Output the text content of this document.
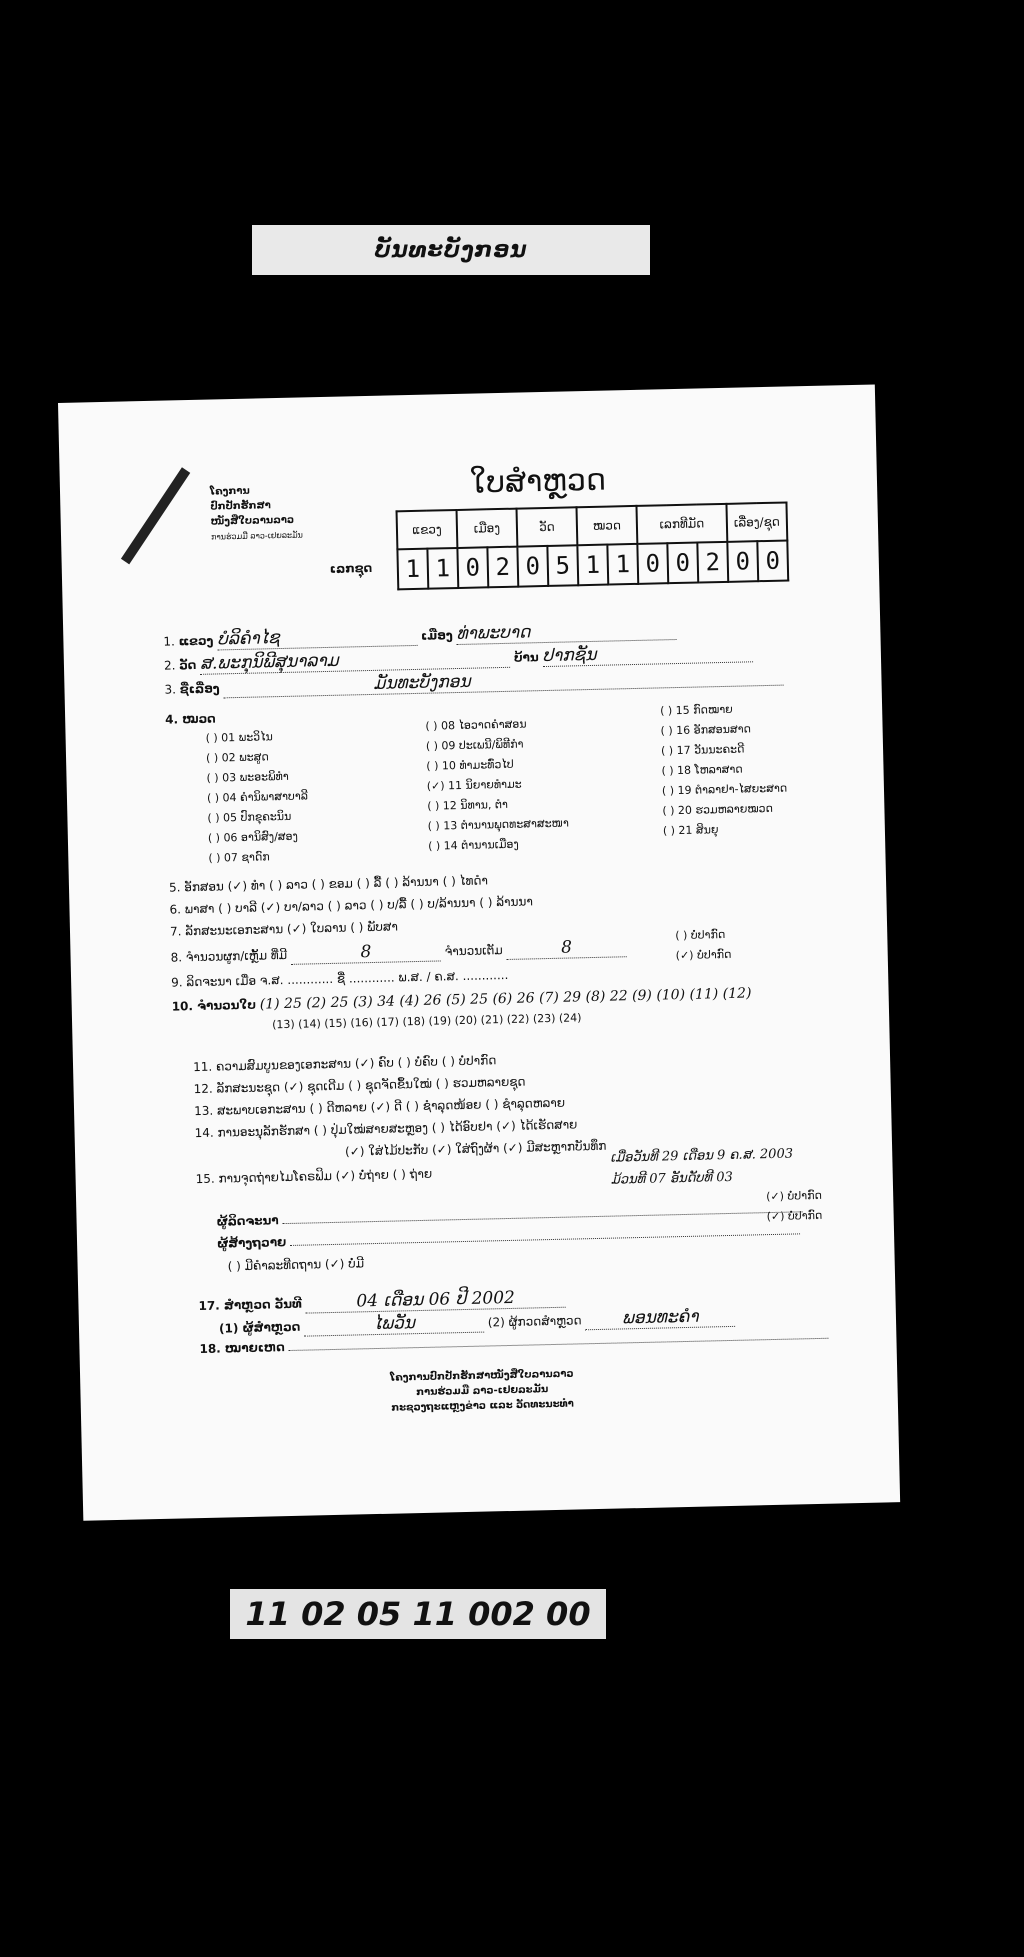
ບັນທະບັງກອນ
ໂຄງການ
ປົກປັກຮັກສາ
ໜັງສືໃບລານລາວ
ການຮ່ວມມື ລາວ-ເຢຍລະມັນ
ໃບສຳຫຼວດ
ເລກຊຸດ
ແຂວງ		ເມືອງ		ວັດ		ໝວດ		ເລກທີມັດ			ເລື່ອງ/ຊຸດ	
1	1	0	2	0	5	1	1	0	0	2	0	0
1. ແຂວງ ບໍລິຄໍາໄຊ	ເມືອງ ທ່າພະບາດ
2. ວັດ ສ.ພະກຸນິພີສຸນາລາມ	ບ້ານ ປາກຊັນ
3. ຊື່ເລື່ອງ	ມັນທະບັງກອນ
4. ໝວດ
( ) 01 ພະວິໄນ
( ) 02 ພະສູດ
( ) 03 ພະອະພິທຳ
( ) 04 ຄຳນິພາສາບາລີ
( ) 05 ປົກຂຸຄະນິນ
( ) 06 ອານິສົງ/ສອງ
( ) 07 ຊາດົກ
( ) 08 ໄອວາດຄຳສອນ
( ) 09 ປະເພນີ/ພິທີກຳ
( ) 10 ທຳມະທົ່ວໄປ
(✓) 11 ນິຍາຍທຳມະ
( ) 12 ນິທານ, ຕຳ
( ) 13 ຕຳນານພຸດທະສາສະໜາ
( ) 14 ຕຳນານເມືອງ
( ) 15 ກົດໝາຍ
( ) 16 ອັກສອນສາດ
( ) 17 ວັນນະຄະດີ
( ) 18 ໂຫລາສາດ
( ) 19 ຕຳລາຢາ-ໄສຍະສາດ
( ) 20 ຮວມຫລາຍໝວດ
( ) 21 ສິນຍຸ
5. ອັກສອນ (✓) ທຳ ( ) ລາວ ( ) ຂອມ ( ) ລື້ ( ) ລ້ານນາ ( ) ໄທດຳ
6. ພາສາ ( ) ບາລີ (✓) ບາ/ລາວ ( ) ລາວ ( ) ບ/ລື້ ( ) ບ/ລ້ານນາ ( ) ລ້ານນາ
7. ລັກສະນະເອກະສານ (✓) ໃບລານ ( ) ພັບສາ
8. ຈຳນວນຜູກ/ເຫຼັ້ມ ທີ່ມີ	8	ຈຳນວນເຕັມ	8
( ) ບໍ່ປາກົດ
(✓) ບໍ່ປາກົດ
9. ລິດຈະນາ ເມື່ອ ຈ.ສ. ............ ຊື່ ............ ພ.ສ. / ຄ.ສ. ............
10. ຈຳນວນໃບ (1) 25 (2) 25 (3) 34 (4) 26 (5) 25 (6) 26 (7) 29 (8) 22 (9) (10) (11) (12)
(13) (14) (15) (16) (17) (18) (19) (20) (21) (22) (23) (24)
11. ຄວາມສົມບູນຂອງເອກະສານ (✓) ຄົບ ( ) ບໍ່ຄົບ ( ) ບໍ່ປາກົດ
12. ລັກສະນະຊຸດ (✓) ຊຸດເດີມ ( ) ຊຸດຈັດຂຶ້ນໃໝ່ ( ) ຮວມຫລາຍຊຸດ
13. ສະພາບເອກະສານ ( ) ດີຫລາຍ (✓) ດີ ( ) ຊຳລຸດໜ້ອຍ ( ) ຊຳລຸດຫລາຍ
14. ການອະນຸລັກຮັກສາ ( ) ປຸ່ມໃໝ່ສາຍສະຫຼອງ ( ) ໄດ້ອົບຢາ (✓) ໄດ້ເຮັດສາຍ
(✓) ໃສ່ໄມ້ປະກັບ (✓) ໃສ່ຖົງຜ້າ (✓) ມີສະຫຼາກບັນທຶກ
15. ການຈຸດຖ່າຍໄມໂຄຣຟິມ (✓) ບໍ່ຖ່າຍ ( ) ຖ່າຍ
ເມື່ອວັນທີ 29 ເດືອນ 9 ຄ.ສ. 2003
ມ້ວນທີ 07 ອັນດັບທີ 03
ຜູ້ລິດຈະນາ
ຜູ້ສ້າງຖວາຍ
(✓) ບໍ່ປາກົດ
(✓) ບໍ່ປາກົດ
( ) ມີຄຳລະທີດຖານ (✓) ບໍ່ມີ
17. ສຳຫຼວດ ວັນທີ	04 ເດືອນ 06 ປີ 2002
(1) ຜູ້ສຳຫຼວດ	ໄພວັນ	(2) ຜູ້ກວດສຳຫຼວດ ພອນທະຄຳ
18. ໝາຍເຫດ
ໂຄງການປົກປັກຮັກສາໜັງສືໃບລານລາວ
ການຮ່ວມມື ລາວ-ເຢຍລະມັນ
ກະຊວງຖະແຫຼງຂ່າວ ແລະ ວັດທະນະທຳ
11 02 05 11 002 00
